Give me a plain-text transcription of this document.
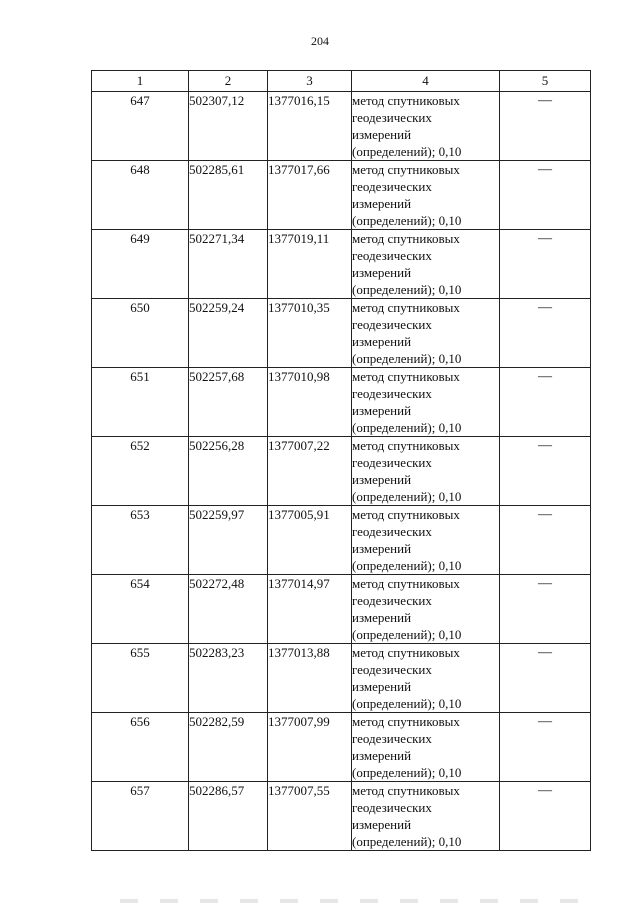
204
1	2	3	4	5
647	502307,12	1377016,15	метод спутниковых
геодезических
измерений
(определений); 0,10	—
648	502285,61	1377017,66	метод спутниковых
геодезических
измерений
(определений); 0,10	—
649	502271,34	1377019,11	метод спутниковых
геодезических
измерений
(определений); 0,10	—
650	502259,24	1377010,35	метод спутниковых
геодезических
измерений
(определений); 0,10	—
651	502257,68	1377010,98	метод спутниковых
геодезических
измерений
(определений); 0,10	—
652	502256,28	1377007,22	метод спутниковых
геодезических
измерений
(определений); 0,10	—
653	502259,97	1377005,91	метод спутниковых
геодезических
измерений
(определений); 0,10	—
654	502272,48	1377014,97	метод спутниковых
геодезических
измерений
(определений); 0,10	—
655	502283,23	1377013,88	метод спутниковых
геодезических
измерений
(определений); 0,10	—
656	502282,59	1377007,99	метод спутниковых
геодезических
измерений
(определений); 0,10	—
657	502286,57	1377007,55	метод спутниковых
геодезических
измерений
(определений); 0,10	—
